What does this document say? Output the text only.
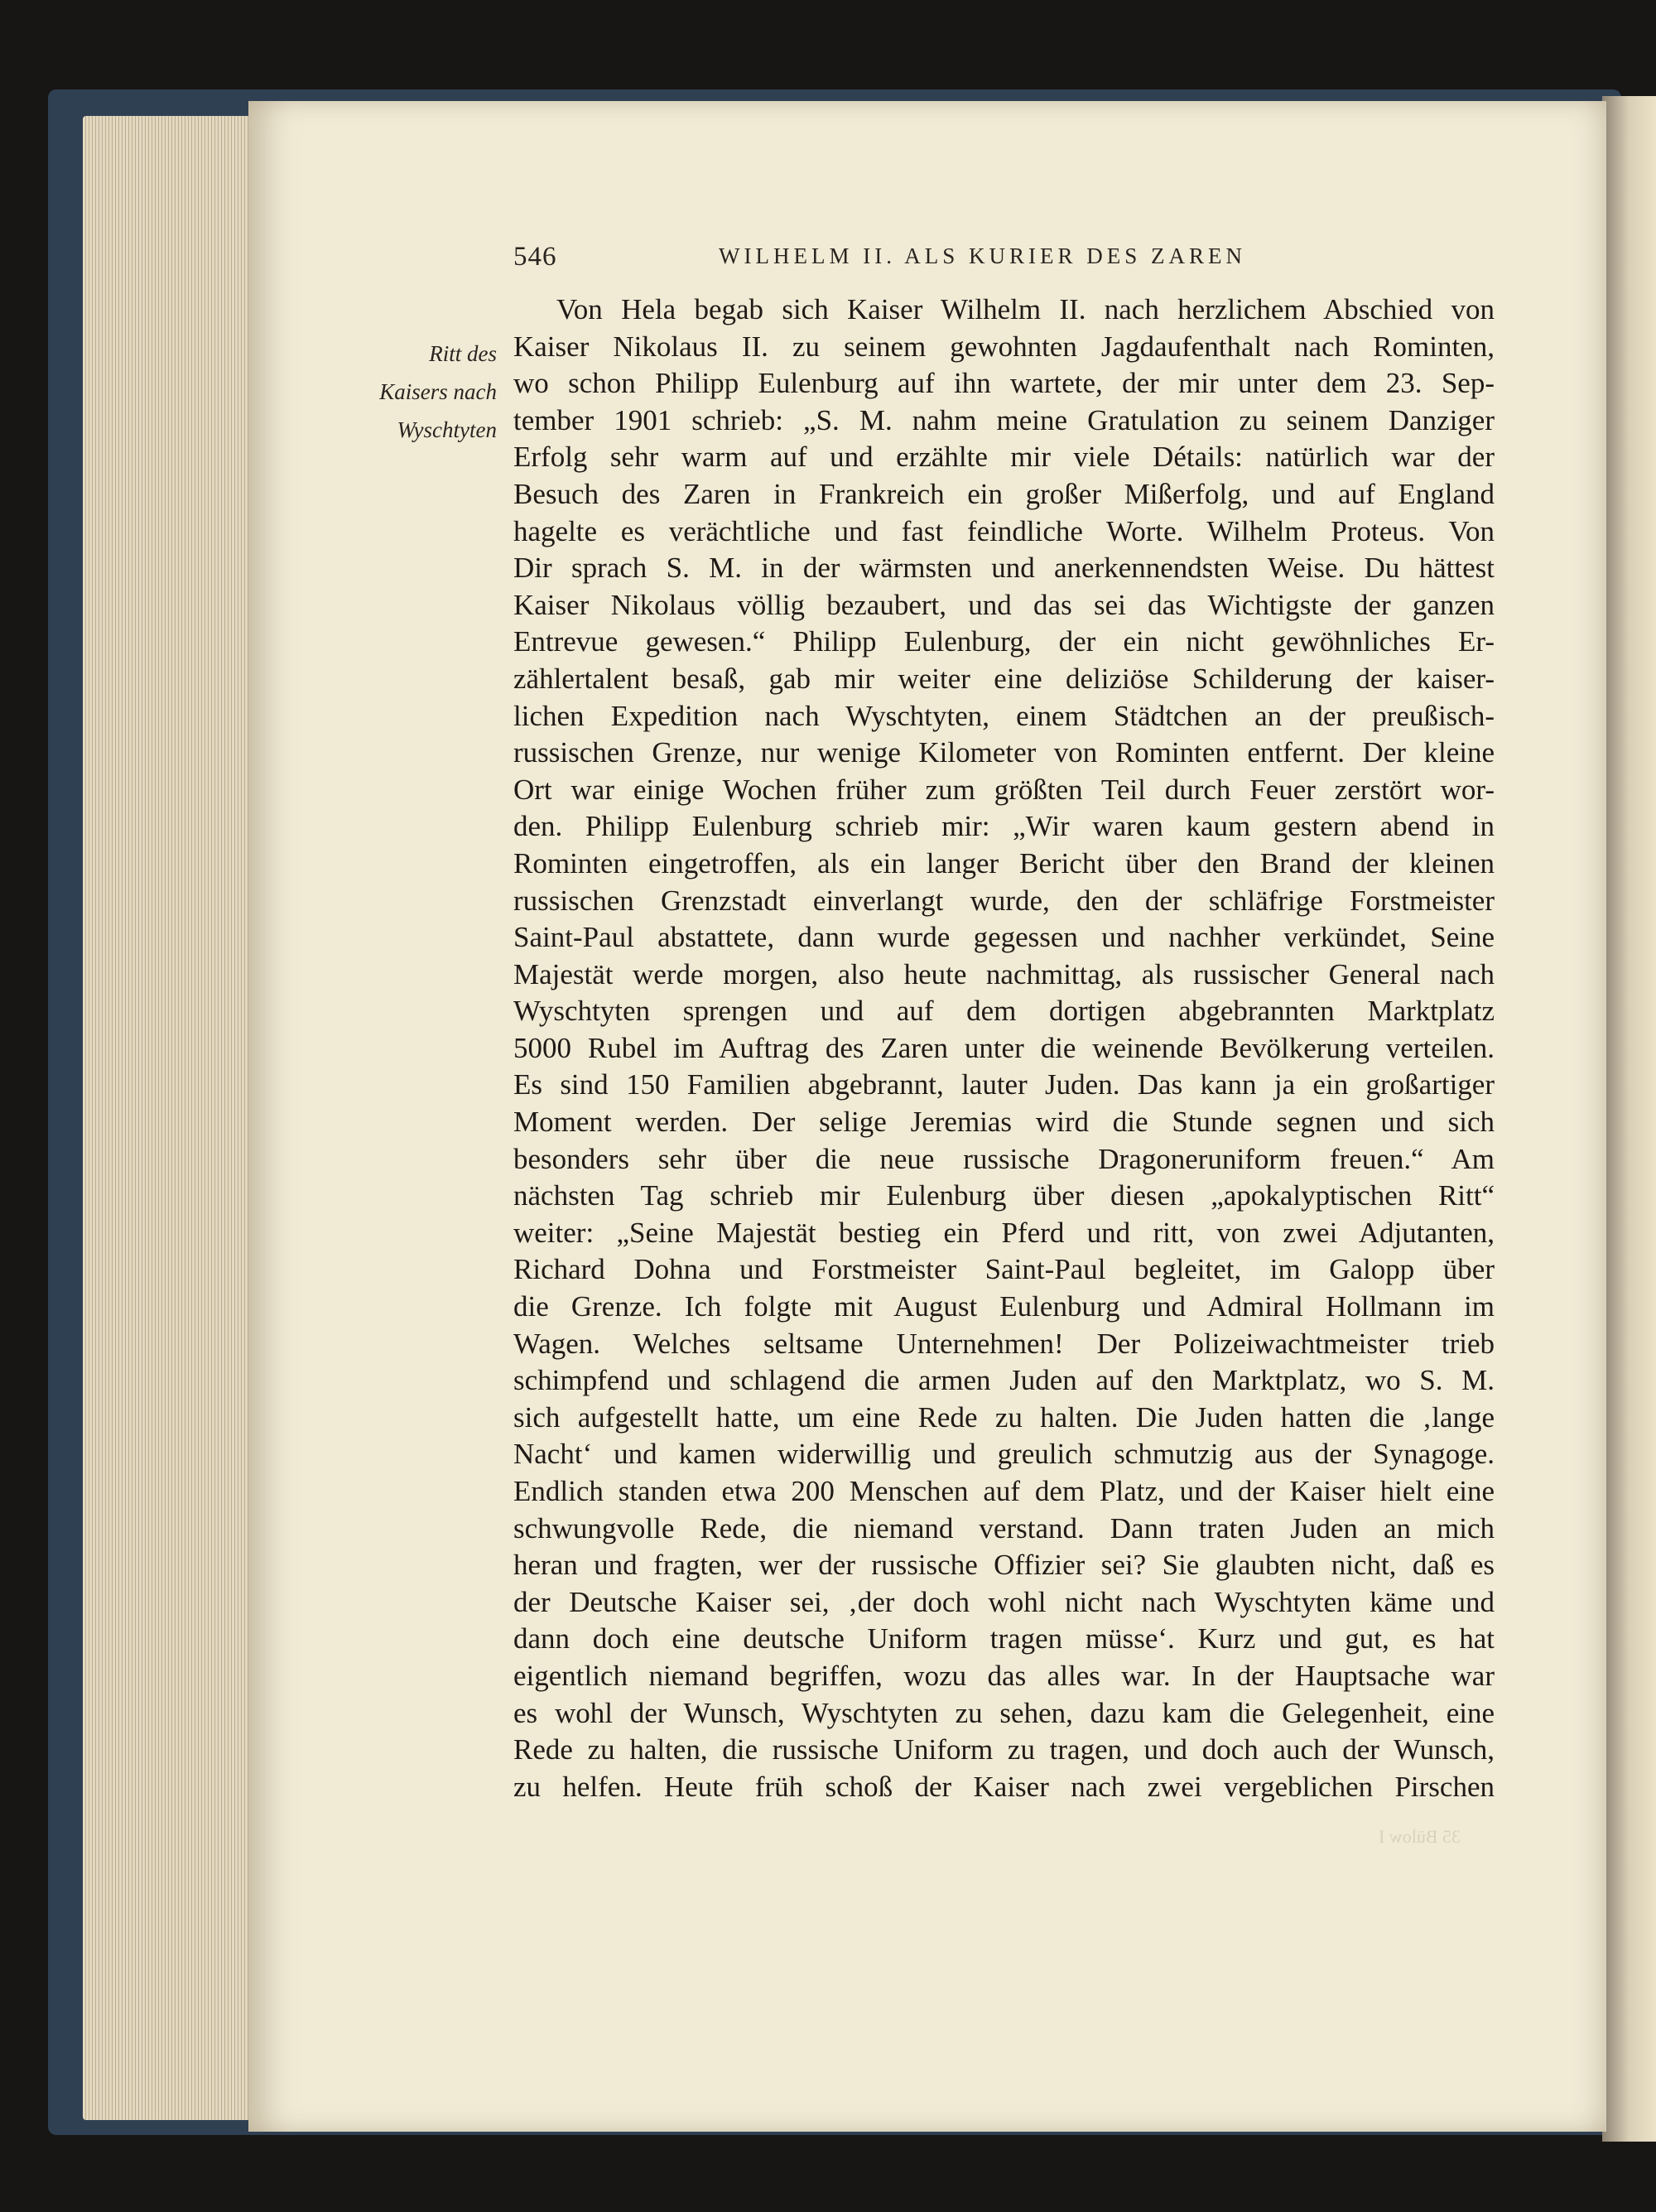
546	WILHELM II. ALS KURIER DES ZAREN
Ritt des
Kaisers nach
Wyschtyten
Von Hela begab sich Kaiser Wilhelm II. nach herzlichem Abschied von
Kaiser Nikolaus II. zu seinem gewohnten Jagdaufenthalt nach Rominten,
wo schon Philipp Eulenburg auf ihn wartete, der mir unter dem 23. Sep-
tember 1901 schrieb: „S. M. nahm meine Gratulation zu seinem Danziger
Erfolg sehr warm auf und erzählte mir viele Détails: natürlich war der
Besuch des Zaren in Frankreich ein großer Mißerfolg, und auf England
hagelte es verächtliche und fast feindliche Worte. Wilhelm Proteus. Von
Dir sprach S. M. in der wärmsten und anerkennendsten Weise. Du hättest
Kaiser Nikolaus völlig bezaubert, und das sei das Wichtigste der ganzen
Entrevue gewesen.“ Philipp Eulenburg, der ein nicht gewöhnliches Er-
zählertalent besaß, gab mir weiter eine deliziöse Schilderung der kaiser-
lichen Expedition nach Wyschtyten, einem Städtchen an der preußisch-
russischen Grenze, nur wenige Kilometer von Rominten entfernt. Der kleine
Ort war einige Wochen früher zum größten Teil durch Feuer zerstört wor-
den. Philipp Eulenburg schrieb mir: „Wir waren kaum gestern abend in
Rominten eingetroffen, als ein langer Bericht über den Brand der kleinen
russischen Grenzstadt einverlangt wurde, den der schläfrige Forstmeister
Saint-Paul abstattete, dann wurde gegessen und nachher verkündet, Seine
Majestät werde morgen, also heute nachmittag, als russischer General nach
Wyschtyten sprengen und auf dem dortigen abgebrannten Marktplatz
5000 Rubel im Auftrag des Zaren unter die weinende Bevölkerung verteilen.
Es sind 150 Familien abgebrannt, lauter Juden. Das kann ja ein großartiger
Moment werden. Der selige Jeremias wird die Stunde segnen und sich
besonders sehr über die neue russische Dragoneruniform freuen.“ Am
nächsten Tag schrieb mir Eulenburg über diesen „apokalyptischen Ritt“
weiter: „Seine Majestät bestieg ein Pferd und ritt, von zwei Adjutanten,
Richard Dohna und Forstmeister Saint-Paul begleitet, im Galopp über
die Grenze. Ich folgte mit August Eulenburg und Admiral Hollmann im
Wagen. Welches seltsame Unternehmen! Der Polizeiwachtmeister trieb
schimpfend und schlagend die armen Juden auf den Marktplatz, wo S. M.
sich aufgestellt hatte, um eine Rede zu halten. Die Juden hatten die ‚lange
Nacht‘ und kamen widerwillig und greulich schmutzig aus der Synagoge.
Endlich standen etwa 200 Menschen auf dem Platz, und der Kaiser hielt eine
schwungvolle Rede, die niemand verstand. Dann traten Juden an mich
heran und fragten, wer der russische Offizier sei? Sie glaubten nicht, daß es
der Deutsche Kaiser sei, ‚der doch wohl nicht nach Wyschtyten käme und
dann doch eine deutsche Uniform tragen müsse‘. Kurz und gut, es hat
eigentlich niemand begriffen, wozu das alles war. In der Hauptsache war
es wohl der Wunsch, Wyschtyten zu sehen, dazu kam die Gelegenheit, eine
Rede zu halten, die russische Uniform zu tragen, und doch auch der Wunsch,
zu helfen. Heute früh schoß der Kaiser nach zwei vergeblichen Pirschen
35 Bülow I
